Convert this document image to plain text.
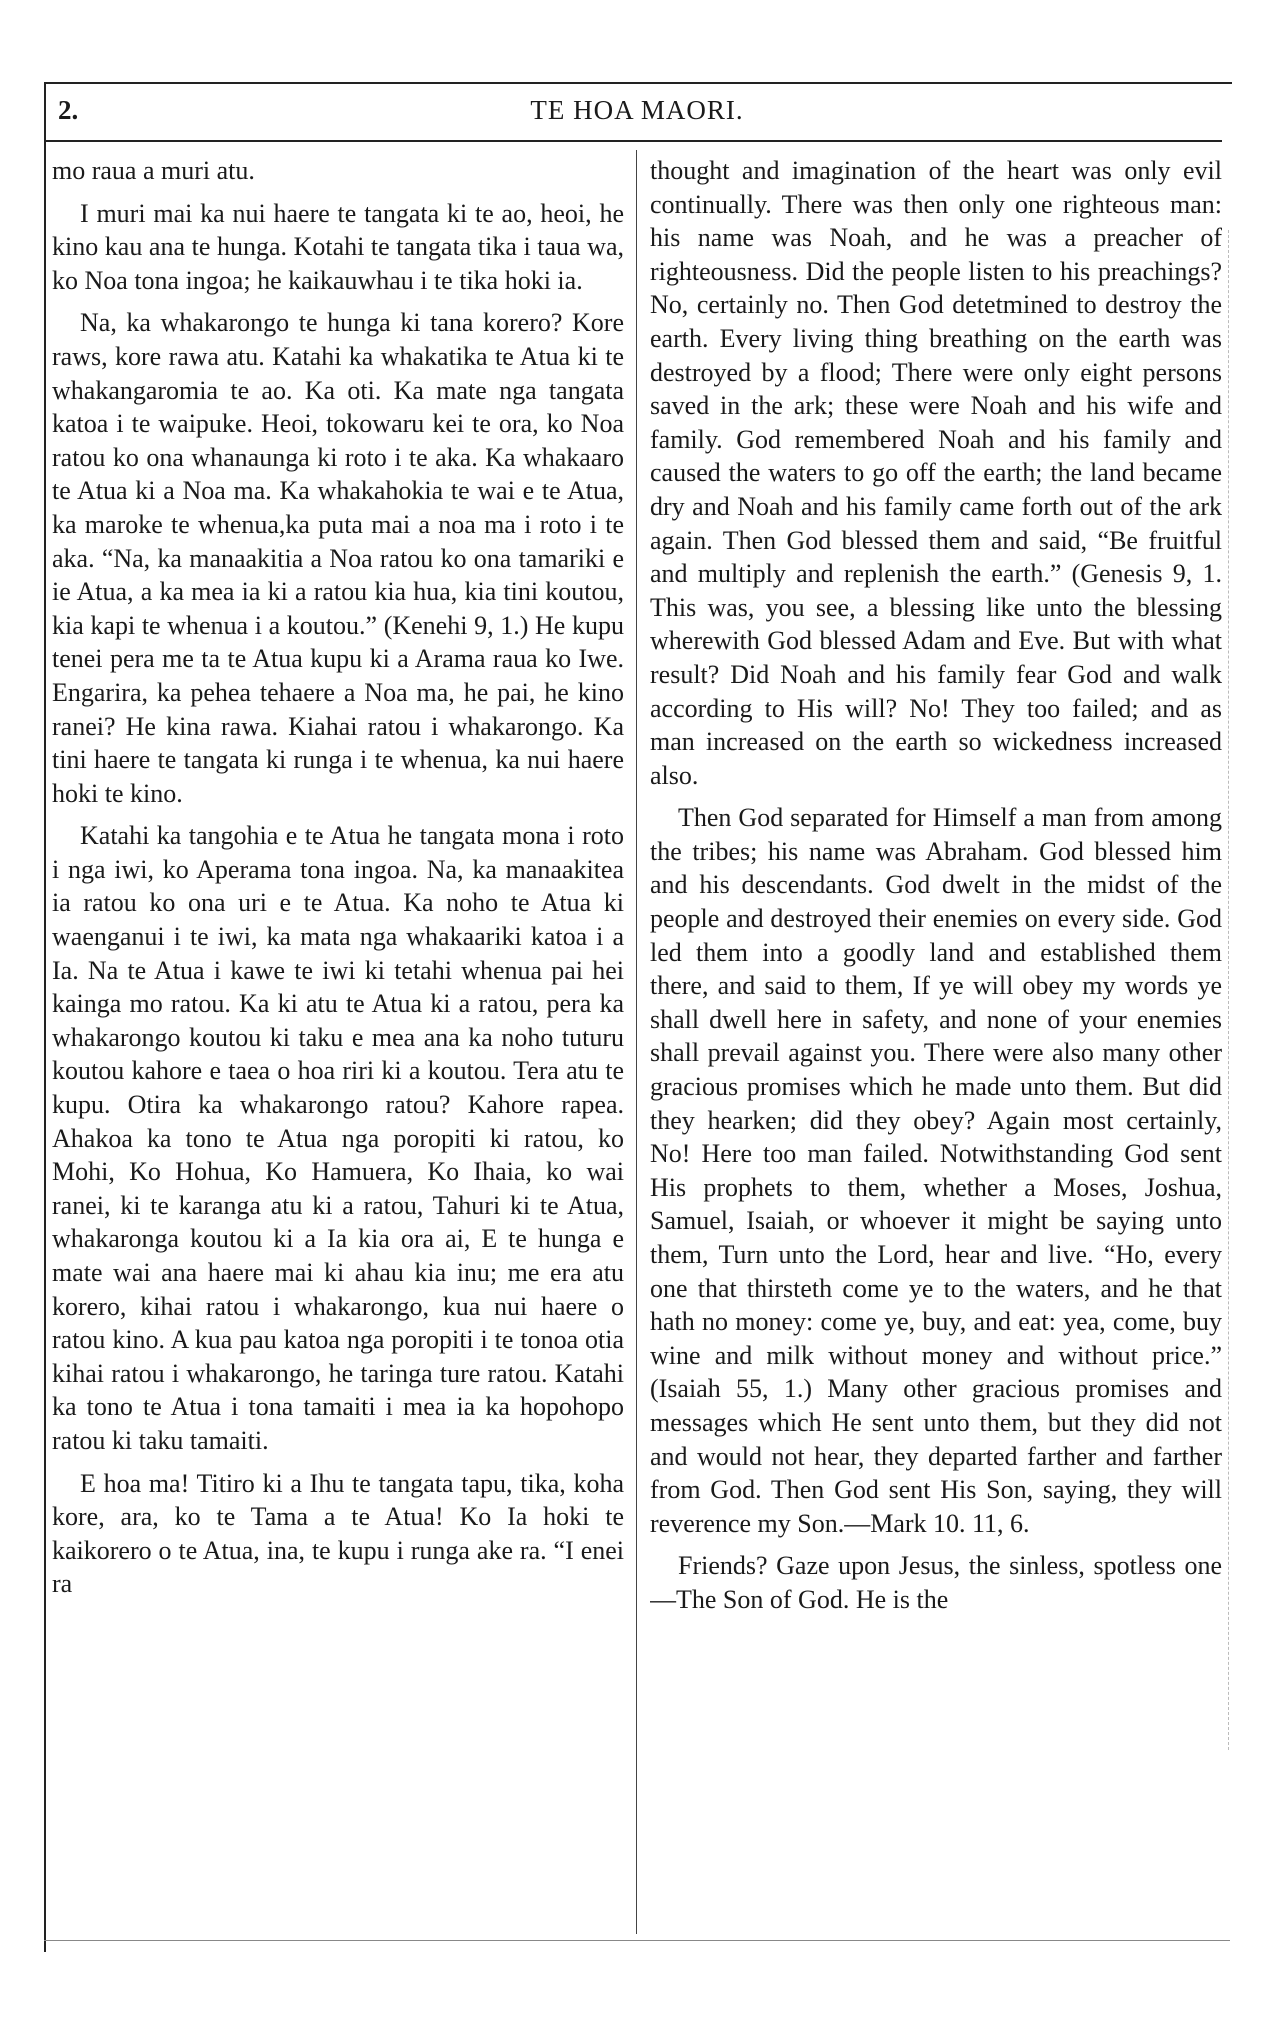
2.	TE HOA MAORI.

mo raua a muri atu.

I muri mai ka nui haere te tangata ki te ao, heoi, he kino kau ana te hunga. Kotahi te tangata tika i taua wa, ko Noa tona ingoa; he kaikauwhau i te tika hoki ia.

Na, ka whakarongo te hunga ki tana korero? Kore raws, kore rawa atu. Katahi ka whakatika te Atua ki te whakangaromia te ao. Ka oti. Ka mate nga tangata katoa i te waipuke. Heoi, tokowaru kei te ora, ko Noa ratou ko ona whanaunga ki roto i te aka. Ka whakaaro te Atua ki a Noa ma. Ka whakahokia te wai e te Atua, ka maroke te whenua,ka puta mai a noa ma i roto i te aka. “Na, ka manaakitia a Noa ratou ko ona tamariki e ie Atua, a ka mea ia ki a ratou kia hua, kia tini koutou, kia kapi te whenua i a koutou.” (Kenehi 9, 1.) He kupu tenei pera me ta te Atua kupu ki a Arama raua ko Iwe. Engarira, ka pehea tehaere a Noa ma, he pai, he kino ranei? He kina rawa. Kiahai ratou i whakarongo. Ka tini haere te tangata ki runga i te whenua, ka nui haere hoki te kino.

Katahi ka tangohia e te Atua he tangata mona i roto i nga iwi, ko Aperama tona ingoa. Na, ka manaakitea ia ratou ko ona uri e te Atua. Ka noho te Atua ki waenganui i te iwi, ka mata nga whakaariki katoa i a Ia. Na te Atua i kawe te iwi ki tetahi whenua pai hei kainga mo ratou. Ka ki atu te Atua ki a ratou, pera ka whakarongo koutou ki taku e mea ana ka noho tuturu koutou kahore e taea o hoa riri ki a koutou. Tera atu te kupu. Otira ka whakarongo ratou? Kahore rapea. Ahakoa ka tono te Atua nga poropiti ki ratou, ko Mohi, Ko Hohua, Ko Hamuera, Ko Ihaia, ko wai ranei, ki te karanga atu ki a ratou, Tahuri ki te Atua, whakaronga koutou ki a Ia kia ora ai, E te hunga e mate wai ana haere mai ki ahau kia inu; me era atu korero, kihai ratou i whakarongo, kua nui haere o ratou kino. A kua pau katoa nga poropiti i te tonoa otia kihai ratou i whakarongo, he taringa ture ratou. Katahi ka tono te Atua i tona tamaiti i mea ia ka hopohopo ratou ki taku tamaiti.

E hoa ma! Titiro ki a Ihu te tangata tapu, tika, koha kore, ara, ko te Tama a te Atua! Ko Ia hoki te kaikorero o te Atua, ina, te kupu i runga ake ra. “I enei ra

thought and imagination of the heart was only evil continually. There was then only one righteous man: his name was Noah, and he was a preacher of righteousness. Did the people listen to his preachings? No, certainly no. Then God detetmined to destroy the earth. Every living thing breathing on the earth was destroyed by a flood; There were only eight persons saved in the ark; these were Noah and his wife and family. God remembered Noah and his family and caused the waters to go off the earth; the land became dry and Noah and his family came forth out of the ark again. Then God blessed them and said, “Be fruitful and multiply and replenish the earth.” (Genesis 9, 1. This was, you see, a blessing like unto the blessing wherewith God blessed Adam and Eve. But with what result? Did Noah and his family fear God and walk according to His will? No! They too failed; and as man increased on the earth so wickedness increased also.

Then God separated for Himself a man from among the tribes; his name was Abraham. God blessed him and his descendants. God dwelt in the midst of the people and destroyed their enemies on every side. God led them into a goodly land and established them there, and said to them, If ye will obey my words ye shall dwell here in safety, and none of your enemies shall prevail against you. There were also many other gracious promises which he made unto them. But did they hearken; did they obey? Again most certainly, No! Here too man failed. Notwithstanding God sent His prophets to them, whether a Moses, Joshua, Samuel, Isaiah, or whoever it might be saying unto them, Turn unto the Lord, hear and live. “Ho, every one that thirsteth come ye to the waters, and he that hath no money: come ye, buy, and eat: yea, come, buy wine and milk without money and without price.” (Isaiah 55, 1.) Many other gracious promises and messages which He sent unto them, but they did not and would not hear, they departed farther and farther from God. Then God sent His Son, saying, they will reverence my Son.—Mark 10. 11, 6.

Friends? Gaze upon Jesus, the sinless, spotless one—The Son of God. He is the
